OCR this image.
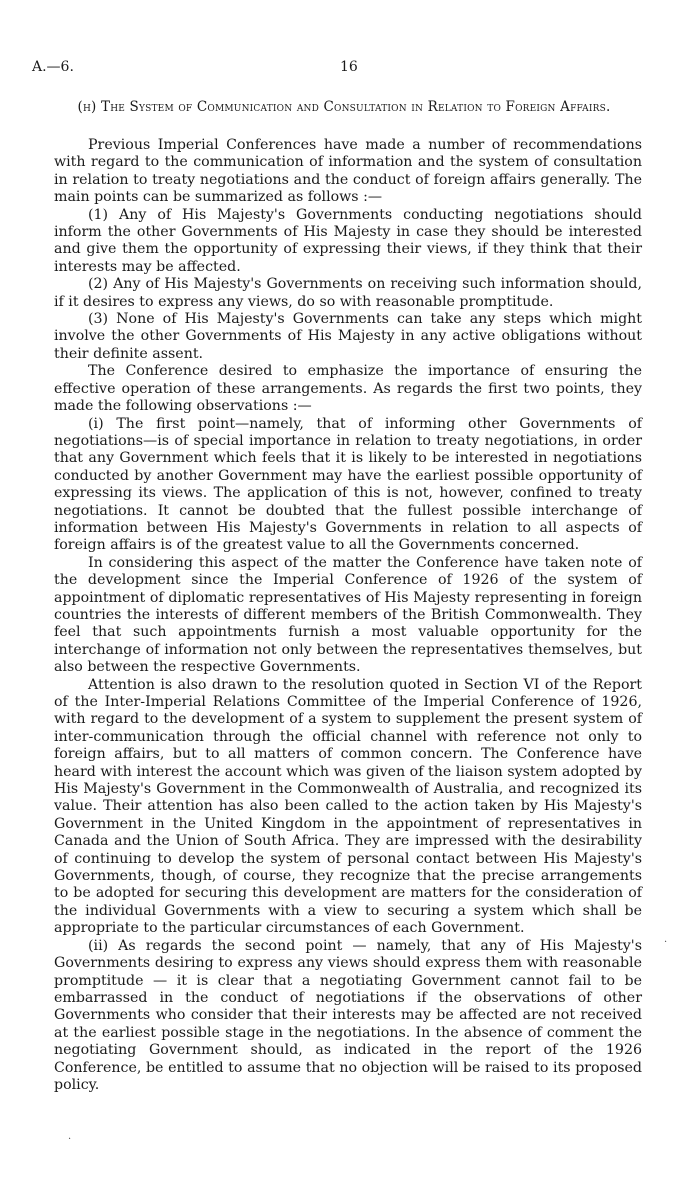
A.—6.	16
(h) The System of Communication and Consultation in Relation to Foreign Affairs.

Previous Imperial Conferences have made a number of recommendations with regard to the communication of information and the system of consultation in relation to treaty negotiations and the conduct of foreign affairs generally. The main points can be summarized as follows :—

(1) Any of His Majesty's Governments conducting negotiations should inform the other Governments of His Majesty in case they should be interested and give them the opportunity of expressing their views, if they think that their interests may be affected.

(2) Any of His Majesty's Governments on receiving such information should, if it desires to express any views, do so with reasonable promptitude.

(3) None of His Majesty's Governments can take any steps which might involve the other Governments of His Majesty in any active obligations without their definite assent.

The Conference desired to emphasize the importance of ensuring the effective operation of these arrangements. As regards the first two points, they made the following observations :—

(i) The first point—namely, that of informing other Governments of negotiations—is of special importance in relation to treaty negotiations, in order that any Government which feels that it is likely to be interested in negotiations conducted by another Government may have the earliest possible opportunity of expressing its views. The application of this is not, however, confined to treaty negotiations. It cannot be doubted that the fullest possible interchange of information between His Majesty's Governments in relation to all aspects of foreign affairs is of the greatest value to all the Governments concerned.

In considering this aspect of the matter the Conference have taken note of the development since the Imperial Conference of 1926 of the system of appointment of diplomatic representatives of His Majesty representing in foreign countries the interests of different members of the British Commonwealth. They feel that such appointments furnish a most valuable opportunity for the interchange of information not only between the representatives themselves, but also between the respective Governments.

Attention is also drawn to the resolution quoted in Section VI of the Report of the Inter-Imperial Relations Committee of the Imperial Conference of 1926, with regard to the development of a system to supplement the present system of inter-communication through the official channel with reference not only to foreign affairs, but to all matters of common concern. The Conference have heard with interest the account which was given of the liaison system adopted by His Majesty's Government in the Commonwealth of Australia, and recognized its value. Their attention has also been called to the action taken by His Majesty's Government in the United Kingdom in the appointment of representatives in Canada and the Union of South Africa. They are impressed with the desirability of continuing to develop the system of personal contact between His Majesty's Governments, though, of course, they recognize that the precise arrangements to be adopted for securing this development are matters for the consideration of the individual Governments with a view to securing a system which shall be appropriate to the particular circumstances of each Government.

(ii) As regards the second point — namely, that any of His Majesty's Governments desiring to express any views should express them with reasonable promptitude — it is clear that a negotiating Government cannot fail to be embarrassed in the conduct of negotiations if the observations of other Governments who consider that their interests may be affected are not received at the earliest possible stage in the negotiations. In the absence of comment the negotiating Government should, as indicated in the report of the 1926 Conference, be entitled to assume that no objection will be raised to its proposed policy.

·
·
